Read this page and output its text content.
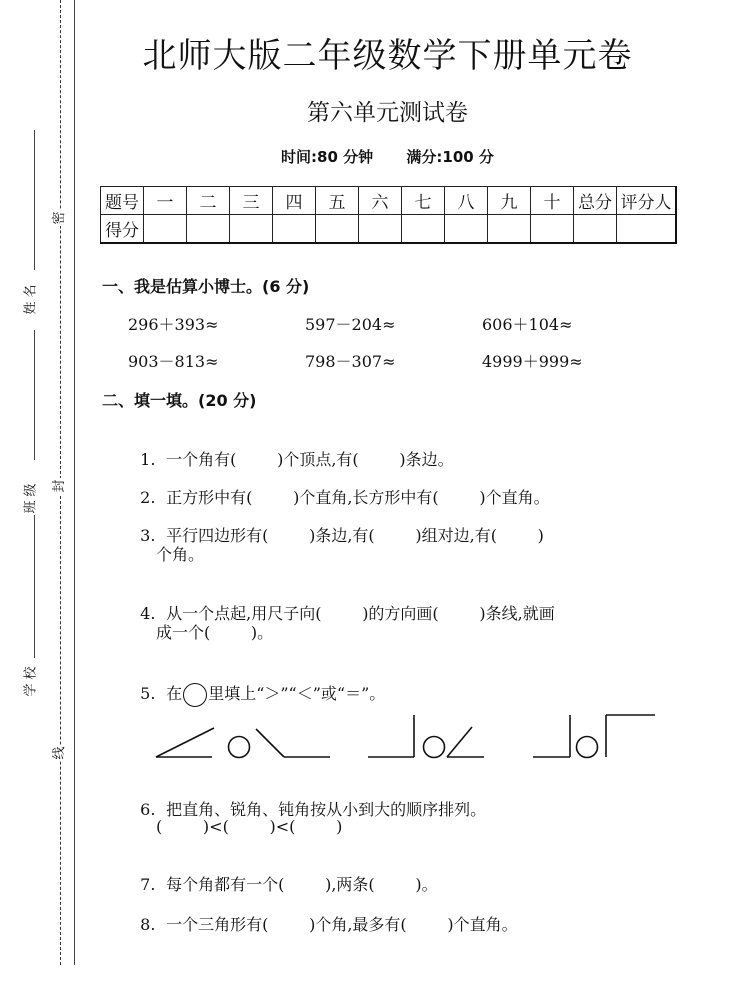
密
封
线
姓名
班级
学校
北师大版二年级数学下册单元卷
第六单元测试卷
时间:80 分钟 满分:100 分
题号	一	二	三	四	五	六	七	八	九	十	总分	评分人
得分												
一、我是估算小博士。(6 分)
296＋393≈	597－204≈	606＋104≈
903－813≈	798－307≈	4999＋999≈
二、填一填。(20 分)

1. 一个角有(        )个顶点,有(        )条边。

2. 正方形中有(        )个直角,长方形中有(        )个直角。

3. 平行四边形有(        )条边,有(        )组对边,有(        )

个角。

4. 从一个点起,用尺子向(        )的方向画(        )条线,就画

成一个(        )。

5. 在 里填上“＞”“＜”或“＝”。

6. 把直角、锐角、钝角按从小到大的顺序排列。

(        )<(        )<(        )

7. 每个角都有一个(        ),两条(        )。

8. 一个三角形有(        )个角,最多有(        )个直角。
